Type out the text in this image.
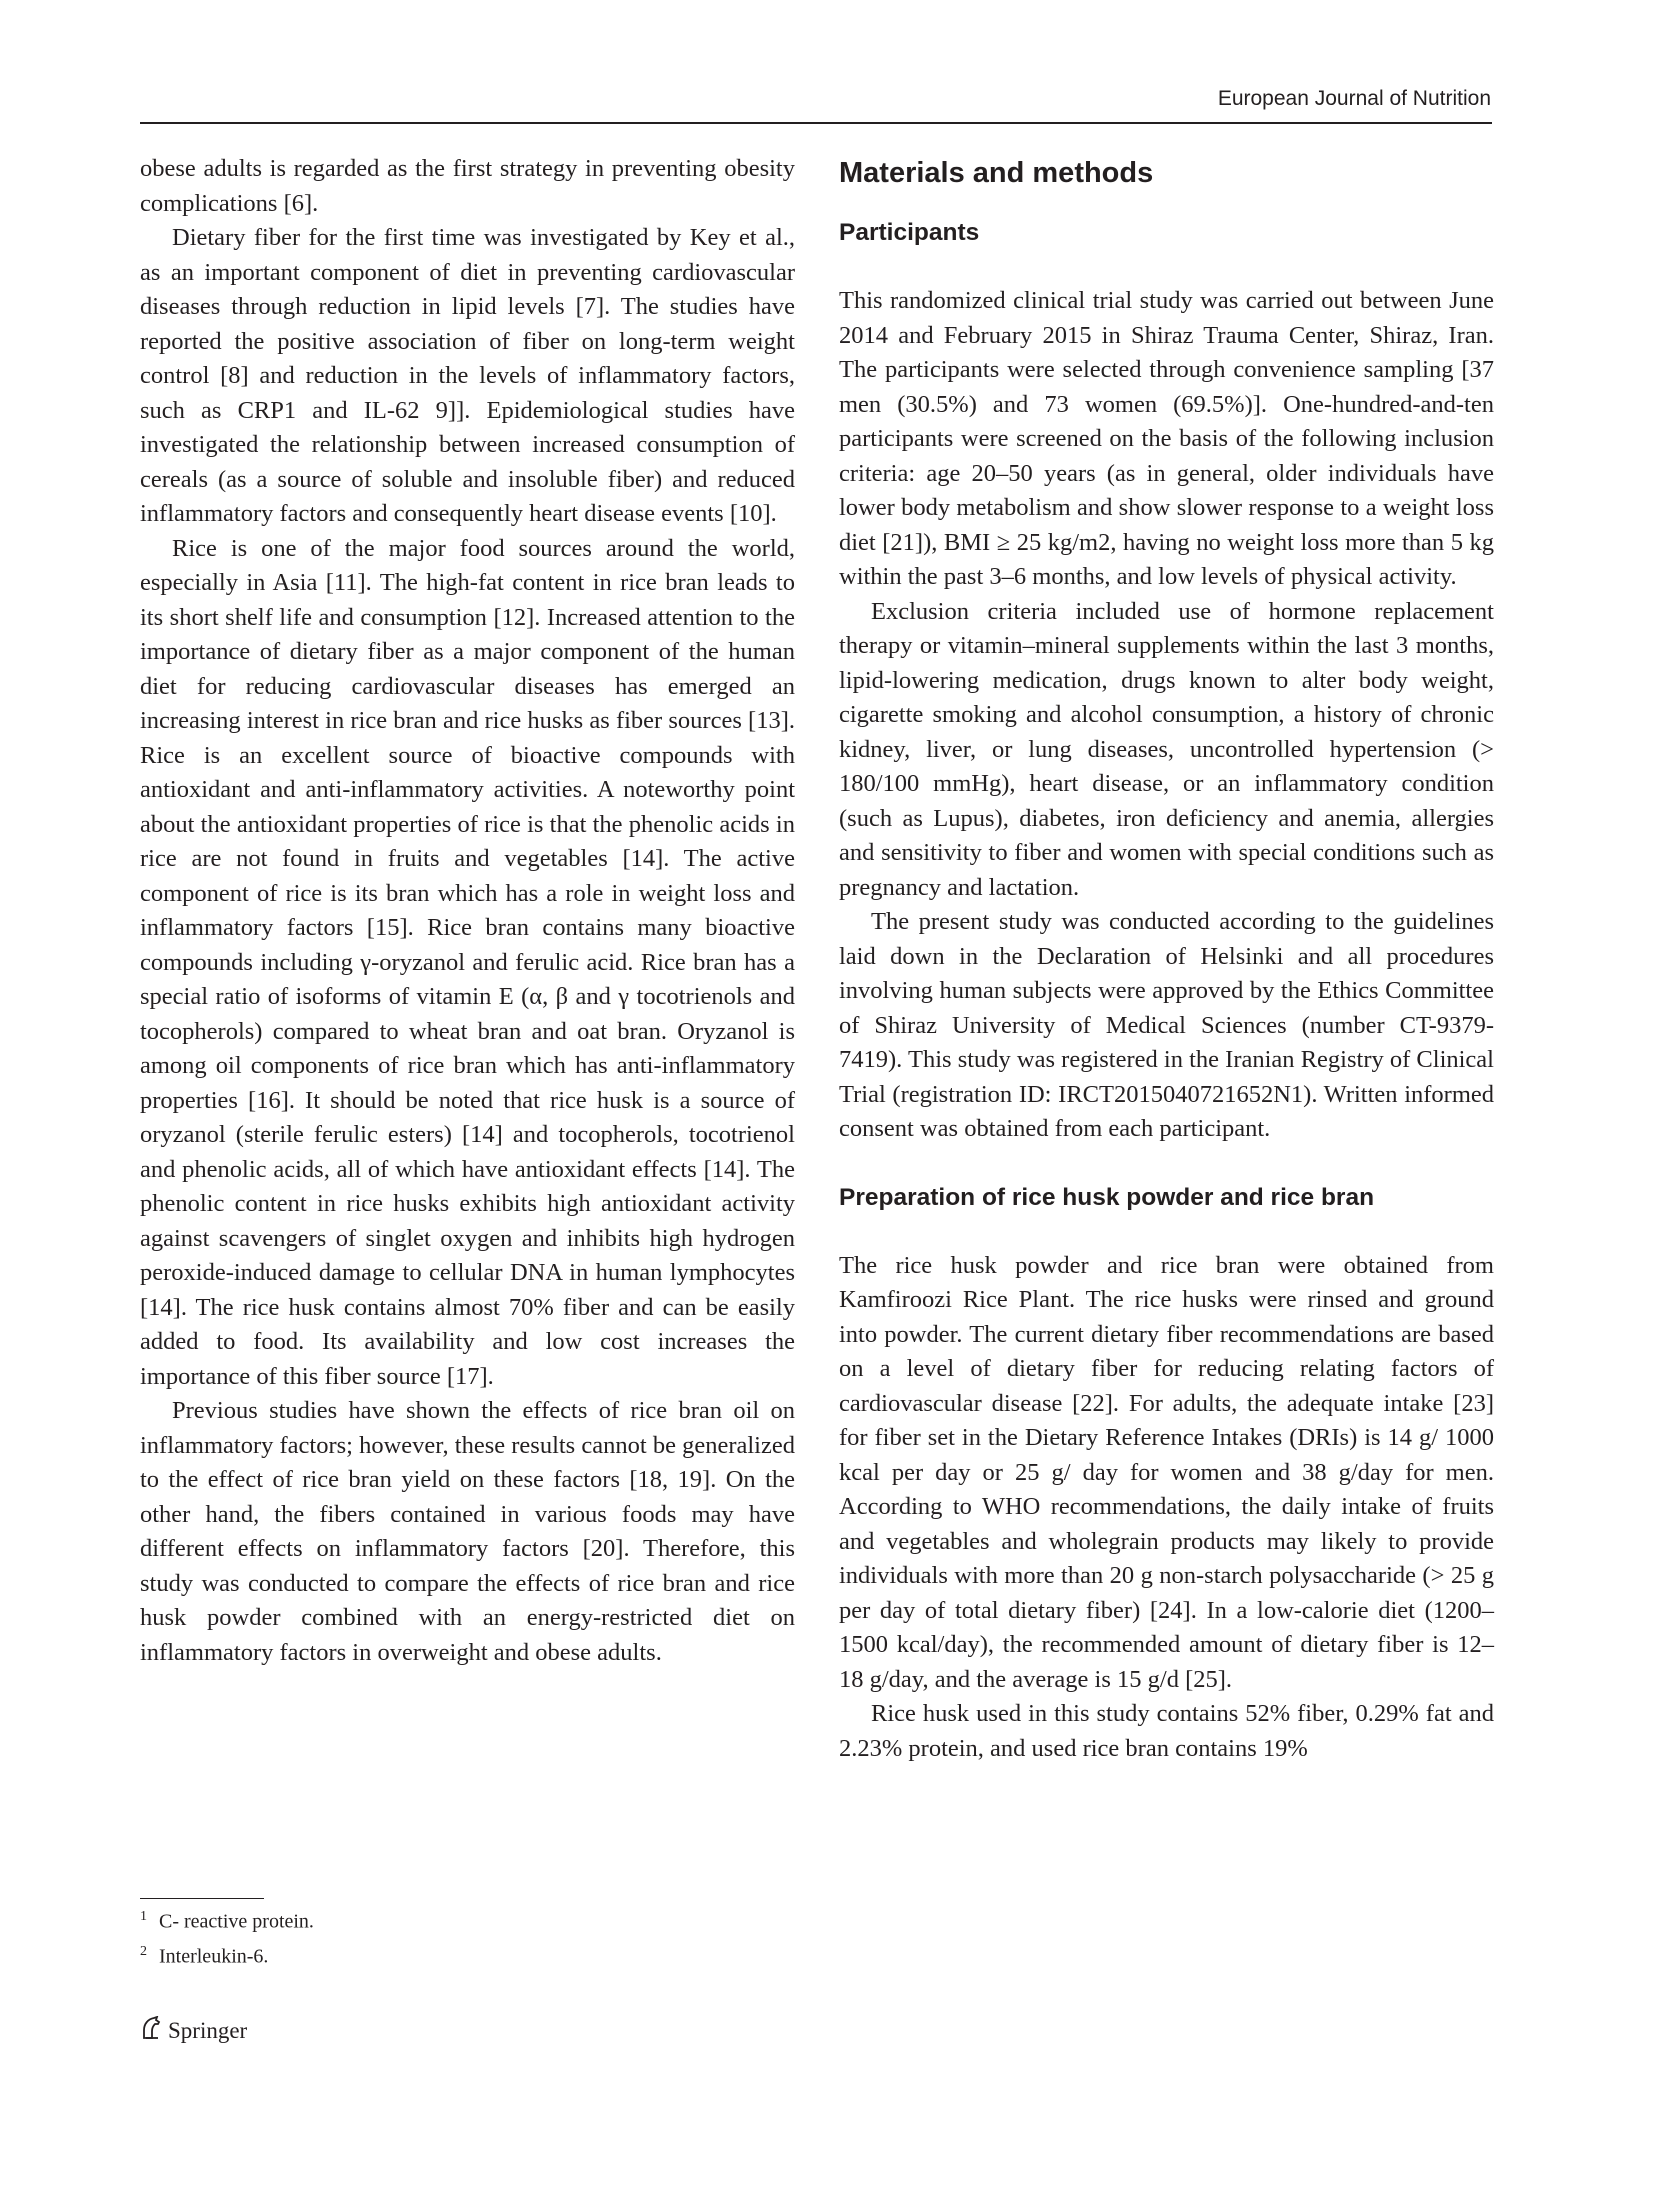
European Journal of Nutrition

obese adults is regarded as the first strategy in preventing obesity complications [6].

Dietary fiber for the first time was investigated by Key et al., as an important component of diet in preventing cardiovascular diseases through reduction in lipid levels [7]. The studies have reported the positive association of fiber on long-term weight control [8] and reduction in the levels of inflammatory factors, such as CRP1 and IL-62 9]]. Epidemiological studies have investigated the relationship between increased consumption of cereals (as a source of soluble and insoluble fiber) and reduced inflammatory factors and consequently heart disease events [10].

Rice is one of the major food sources around the world, especially in Asia [11]. The high-fat content in rice bran leads to its short shelf life and consumption [12]. Increased attention to the importance of dietary fiber as a major component of the human diet for reducing cardiovascular diseases has emerged an increasing interest in rice bran and rice husks as fiber sources [13]. Rice is an excellent source of bioactive compounds with antioxidant and anti-inflammatory activities. A noteworthy point about the antioxidant properties of rice is that the phenolic acids in rice are not found in fruits and vegetables [14]. The active component of rice is its bran which has a role in weight loss and inflammatory factors [15]. Rice bran contains many bioactive compounds including γ-oryzanol and ferulic acid. Rice bran has a special ratio of isoforms of vitamin E (α, β and γ tocotrienols and tocopherols) compared to wheat bran and oat bran. Oryzanol is among oil components of rice bran which has anti-inflammatory properties [16]. It should be noted that rice husk is a source of oryzanol (sterile ferulic esters) [14] and tocopherols, tocotrienol and phenolic acids, all of which have antioxidant effects [14]. The phenolic content in rice husks exhibits high antioxidant activity against scavengers of singlet oxygen and inhibits high hydrogen peroxide-induced damage to cellular DNA in human lymphocytes [14]. The rice husk contains almost 70% fiber and can be easily added to food. Its availability and low cost increases the importance of this fiber source [17].

Previous studies have shown the effects of rice bran oil on inflammatory factors; however, these results cannot be generalized to the effect of rice bran yield on these factors [18, 19]. On the other hand, the fibers contained in various foods may have different effects on inflammatory factors [20]. Therefore, this study was conducted to compare the effects of rice bran and rice husk powder combined with an energy-restricted diet on inflammatory factors in overweight and obese adults.

Materials and methods
Participants

This randomized clinical trial study was carried out between June 2014 and February 2015 in Shiraz Trauma Center, Shiraz, Iran. The participants were selected through convenience sampling [37 men (30.5%) and 73 women (69.5%)]. One-hundred-and-ten participants were screened on the basis of the following inclusion criteria: age 20–50 years (as in general, older individuals have lower body metabolism and show slower response to a weight loss diet [21]), BMI ≥ 25 kg/m2, having no weight loss more than 5 kg within the past 3–6 months, and low levels of physical activity.

Exclusion criteria included use of hormone replacement therapy or vitamin–mineral supplements within the last 3 months, lipid-lowering medication, drugs known to alter body weight, cigarette smoking and alcohol consumption, a history of chronic kidney, liver, or lung diseases, uncontrolled hypertension (> 180/100 mmHg), heart disease, or an inflammatory condition (such as Lupus), diabetes, iron deficiency and anemia, allergies and sensitivity to fiber and women with special conditions such as pregnancy and lactation.

The present study was conducted according to the guidelines laid down in the Declaration of Helsinki and all procedures involving human subjects were approved by the Ethics Committee of Shiraz University of Medical Sciences (number CT-9379-7419). This study was registered in the Iranian Registry of Clinical Trial (registration ID: IRCT2015040721652N1). Written informed consent was obtained from each participant.

Preparation of rice husk powder and rice bran

The rice husk powder and rice bran were obtained from Kamfiroozi Rice Plant. The rice husks were rinsed and ground into powder. The current dietary fiber recommendations are based on a level of dietary fiber for reducing relating factors of cardiovascular disease [22]. For adults, the adequate intake [23] for fiber set in the Dietary Reference Intakes (DRIs) is 14 g/ 1000 kcal per day or 25 g/ day for women and 38 g/day for men. According to WHO recommendations, the daily intake of fruits and vegetables and wholegrain products may likely to provide individuals with more than 20 g non-starch polysaccharide (> 25 g per day of total dietary fiber) [24]. In a low-calorie diet (1200–1500 kcal/day), the recommended amount of dietary fiber is 12–18 g/day, and the average is 15 g/d [25].

Rice husk used in this study contains 52% fiber, 0.29% fat and 2.23% protein, and used rice bran contains 19%

$^1$ C- reactive protein.
$^2$ Interleukin-6.
Springer
